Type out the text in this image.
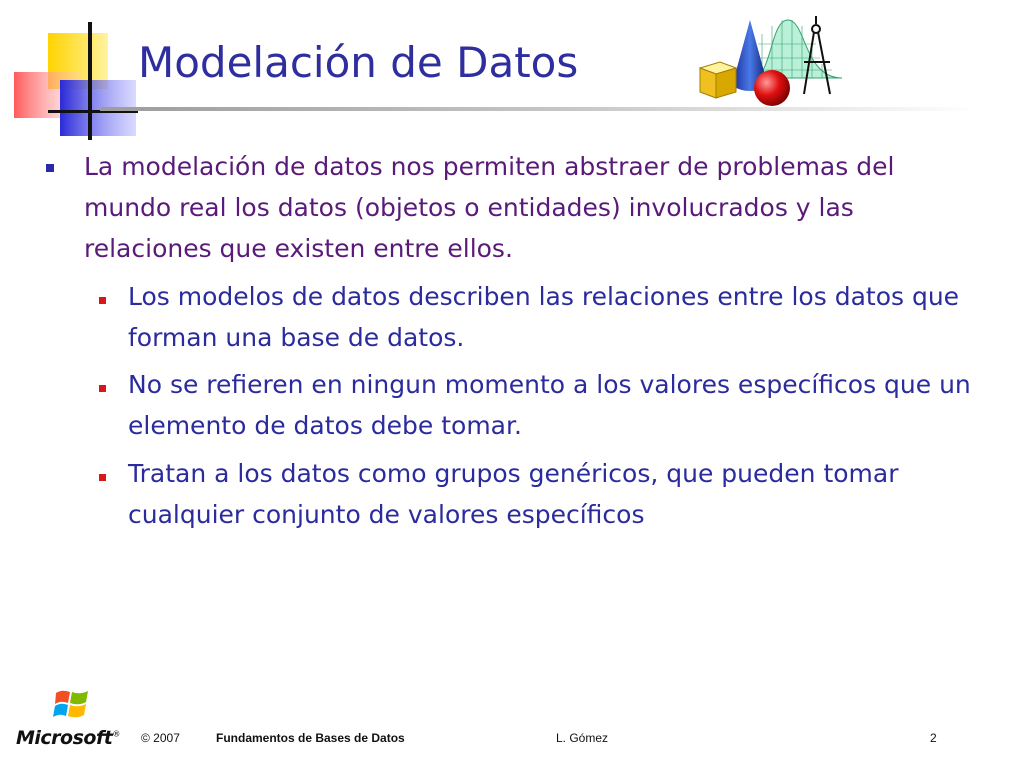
Modelación de Datos
La modelación de datos nos permiten abstraer de problemas del mundo real los datos (objetos o entidades) involucrados y las relaciones que existen entre ellos.
Los modelos de datos describen las relaciones entre los datos que forman una base de datos.
No se refieren en ningun momento a los valores específicos que un elemento de datos debe tomar.
Tratan a los datos como grupos genéricos, que pueden tomar cualquier conjunto de valores específicos
Microsoft® © 2007	Fundamentos de Bases de Datos	L. Gómez	2
